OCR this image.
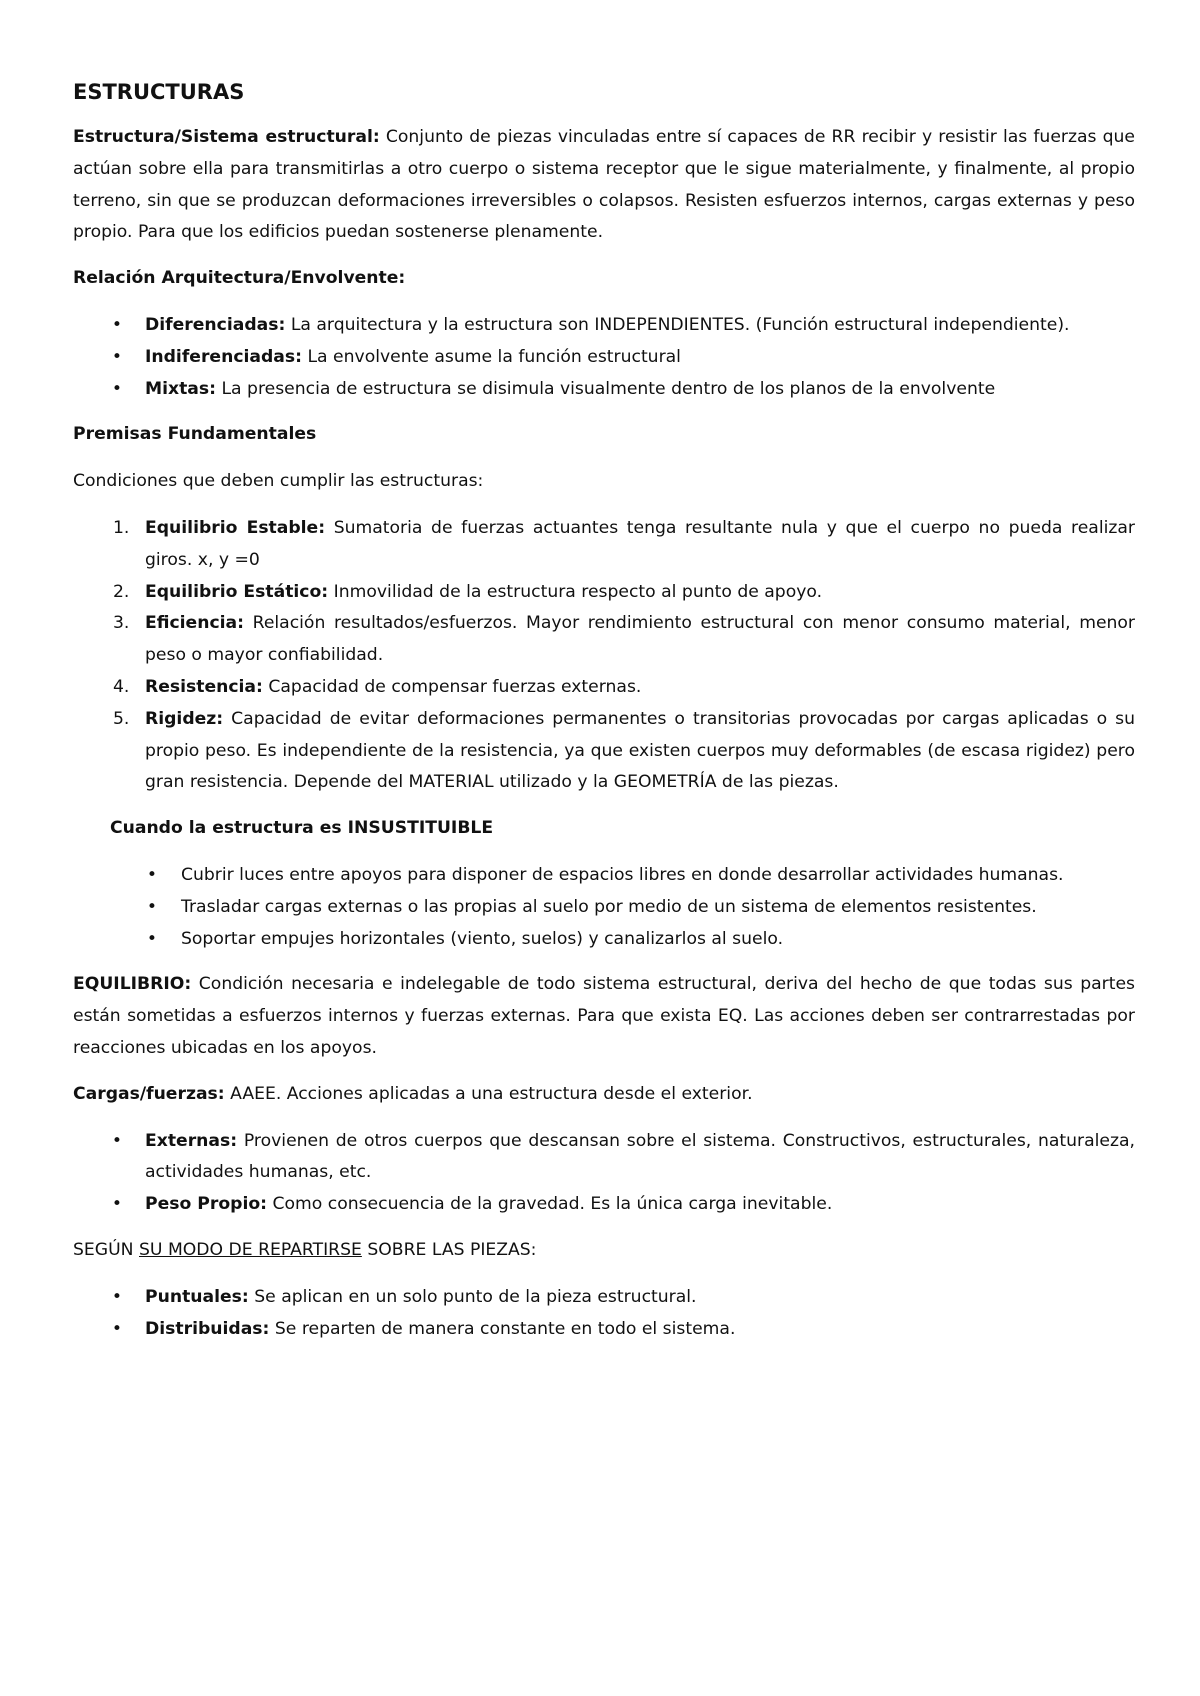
ESTRUCTURAS

Estructura/Sistema estructural: Conjunto de piezas vinculadas entre sí capaces de RR recibir y resistir las fuerzas que actúan sobre ella para transmitirlas a otro cuerpo o sistema receptor que le sigue materialmente, y finalmente, al propio terreno, sin que se produzcan deformaciones irreversibles o colapsos. Resisten esfuerzos internos, cargas externas y peso propio. Para que los edificios puedan sostenerse plenamente.

Relación Arquitectura/Envolvente:

• Diferenciadas: La arquitectura y la estructura son INDEPENDIENTES. (Función estructural independiente).
• Indiferenciadas: La envolvente asume la función estructural
• Mixtas: La presencia de estructura se disimula visualmente dentro de los planos de la envolvente

Premisas Fundamentales

Condiciones que deben cumplir las estructuras:

1. Equilibrio Estable: Sumatoria de fuerzas actuantes tenga resultante nula y que el cuerpo no pueda realizar giros. x, y =0
2. Equilibrio Estático: Inmovilidad de la estructura respecto al punto de apoyo.
3. Eficiencia: Relación resultados/esfuerzos. Mayor rendimiento estructural con menor consumo material, menor peso o mayor confiabilidad.
4. Resistencia: Capacidad de compensar fuerzas externas.
5. Rigidez: Capacidad de evitar deformaciones permanentes o transitorias provocadas por cargas aplicadas o su propio peso. Es independiente de la resistencia, ya que existen cuerpos muy deformables (de escasa rigidez) pero gran resistencia. Depende del MATERIAL utilizado y la GEOMETRÍA de las piezas.

Cuando la estructura es INSUSTITUIBLE

• Cubrir luces entre apoyos para disponer de espacios libres en donde desarrollar actividades humanas.
• Trasladar cargas externas o las propias al suelo por medio de un sistema de elementos resistentes.
• Soportar empujes horizontales (viento, suelos) y canalizarlos al suelo.

EQUILIBRIO: Condición necesaria e indelegable de todo sistema estructural, deriva del hecho de que todas sus partes están sometidas a esfuerzos internos y fuerzas externas. Para que exista EQ. Las acciones deben ser contrarrestadas por reacciones ubicadas en los apoyos.

Cargas/fuerzas: AAEE. Acciones aplicadas a una estructura desde el exterior.

• Externas: Provienen de otros cuerpos que descansan sobre el sistema. Constructivos, estructurales, naturaleza, actividades humanas, etc.
• Peso Propio: Como consecuencia de la gravedad. Es la única carga inevitable.

SEGÚN SU MODO DE REPARTIRSE SOBRE LAS PIEZAS:

• Puntuales: Se aplican en un solo punto de la pieza estructural.
• Distribuidas: Se reparten de manera constante en todo el sistema.
